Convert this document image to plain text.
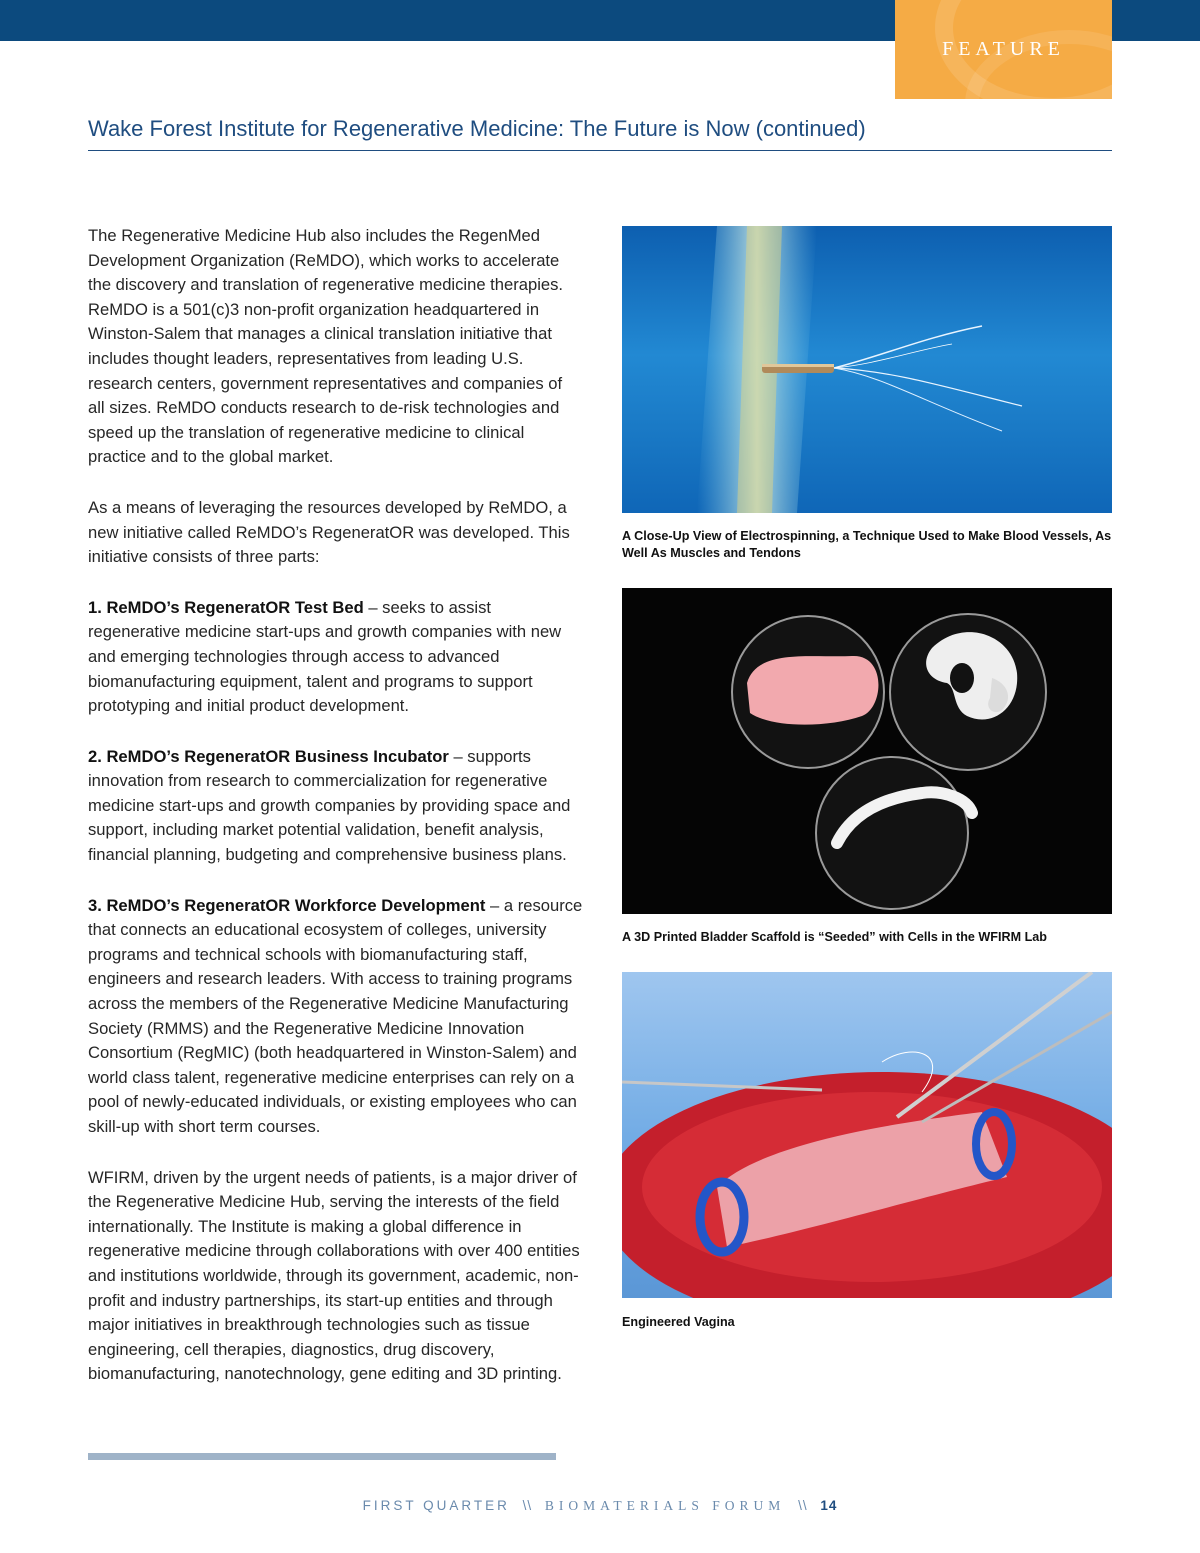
FEATURE
Wake Forest Institute for Regenerative Medicine: The Future is Now (continued)

The Regenerative Medicine Hub also includes the RegenMed Development Organization (ReMDO), which works to accelerate the discovery and translation of regenerative medicine therapies. ReMDO is a 501(c)3 non-profit organization headquartered in Winston-Salem that manages a clinical translation initiative that includes thought leaders, representatives from leading U.S. research centers, government representatives and companies of all sizes. ReMDO conducts research to de-risk technologies and speed up the translation of regenerative medicine to clinical practice and to the global market.

As a means of leveraging the resources developed by ReMDO, a new initiative called ReMDO’s RegeneratOR was developed. This initiative consists of three parts:

1. ReMDO’s RegeneratOR Test Bed – seeks to assist regenerative medicine start-ups and growth companies with new and emerging technologies through access to advanced biomanufacturing equipment, talent and programs to support prototyping and initial product development.

2. ReMDO’s RegeneratOR Business Incubator – supports innovation from research to commercialization for regenerative medicine start-ups and growth companies by providing space and support, including market potential validation, benefit analysis, financial planning, budgeting and comprehensive business plans.

3. ReMDO’s RegeneratOR Workforce Development – a resource that connects an educational ecosystem of colleges, university programs and technical schools with biomanufacturing staff, engineers and research leaders. With access to training programs across the members of the Regenerative Medicine Manufacturing Society (RMMS) and the Regenerative Medicine Innovation Consortium (RegMIC) (both headquartered in Winston-Salem) and world class talent, regenerative medicine enterprises can rely on a pool of newly-educated individuals, or existing employees who can skill-up with short term courses.

WFIRM, driven by the urgent needs of patients, is a major driver of the Regenerative Medicine Hub, serving the interests of the field internationally. The Institute is making a global difference in regenerative medicine through collaborations with over 400 entities and institutions worldwide, through its government, academic, non-profit and industry partnerships, its start-up entities and through major initiatives in breakthrough technologies such as tissue engineering, cell therapies, diagnostics, drug discovery, biomanufacturing, nanotechnology, gene editing and 3D printing.

A Close-Up View of Electrospinning, a Technique Used to Make Blood Vessels, As Well As Muscles and Tendons

A 3D Printed Bladder Scaffold is “Seeded” with Cells in the WFIRM Lab

Engineered Vagina

FIRST QUARTER \\ BIOMATERIALS FORUM \\ 14
